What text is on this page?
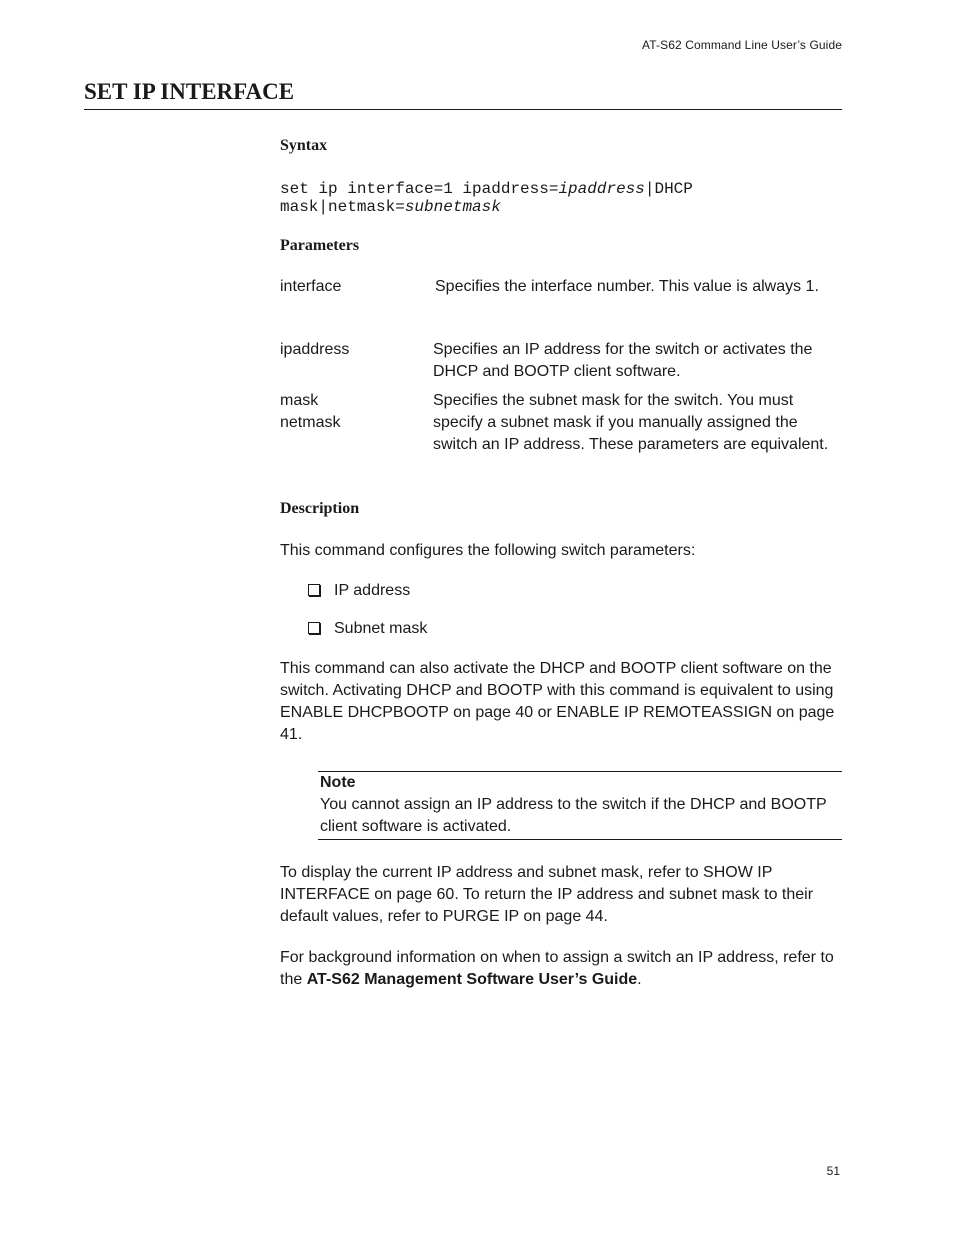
AT-S62 Command Line User’s Guide
SET IP INTERFACE
Syntax
set ip interface=1 ipaddress=ipaddress|DHCP
mask|netmask=subnetmask
Parameters
interface	Specifies the interface number. This value is always 1.
ipaddress	Specifies an IP address for the switch or activates the DHCP and BOOTP client software.
mask
netmask
Specifies the subnet mask for the switch. You must specify a subnet mask if you manually assigned the switch an IP address. These parameters are equivalent.
Description
This command configures the following switch parameters:
IP address
Subnet mask
This command can also activate the DHCP and BOOTP client software on the switch. Activating DHCP and BOOTP with this command is equivalent to using ENABLE DHCPBOOTP on page 40 or ENABLE IP REMOTEASSIGN on page 41.
Note
You cannot assign an IP address to the switch if the DHCP and BOOTP client software is activated.
To display the current IP address and subnet mask, refer to SHOW IP INTERFACE on page 60. To return the IP address and subnet mask to their default values, refer to PURGE IP on page 44.
For background information on when to assign a switch an IP address, refer to the AT-S62 Management Software User’s Guide.
51
